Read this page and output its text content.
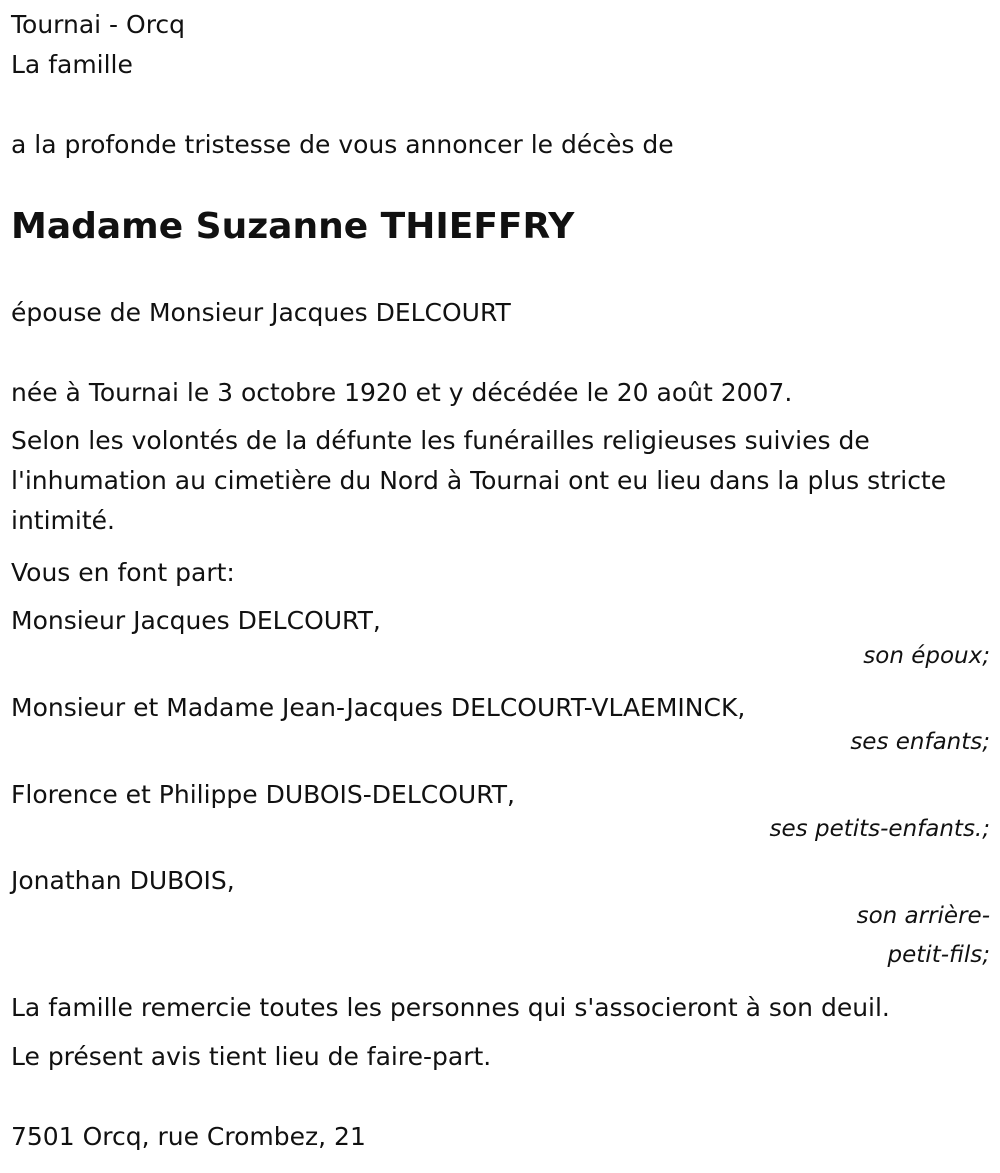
Tournai - Orcq
La famille
a la profonde tristesse de vous annoncer le décès de
Madame Suzanne THIEFFRY
épouse de Monsieur Jacques DELCOURT
née à Tournai le 3 octobre 1920 et y décédée le 20 août 2007.
Selon les volontés de la défunte les funérailles religieuses suivies de l'inhumation au cimetière du Nord à Tournai ont eu lieu dans la plus stricte intimité.
Vous en font part:
Monsieur Jacques DELCOURT,
son époux;
Monsieur et Madame Jean-Jacques DELCOURT-VLAEMINCK,
ses enfants;
Florence et Philippe DUBOIS-DELCOURT,
ses petits-enfants.;
Jonathan DUBOIS,
son arrière-
petit-fils;
La famille remercie toutes les personnes qui s'associeront à son deuil.
Le présent avis tient lieu de faire-part.
7501 Orcq, rue Crombez, 21
